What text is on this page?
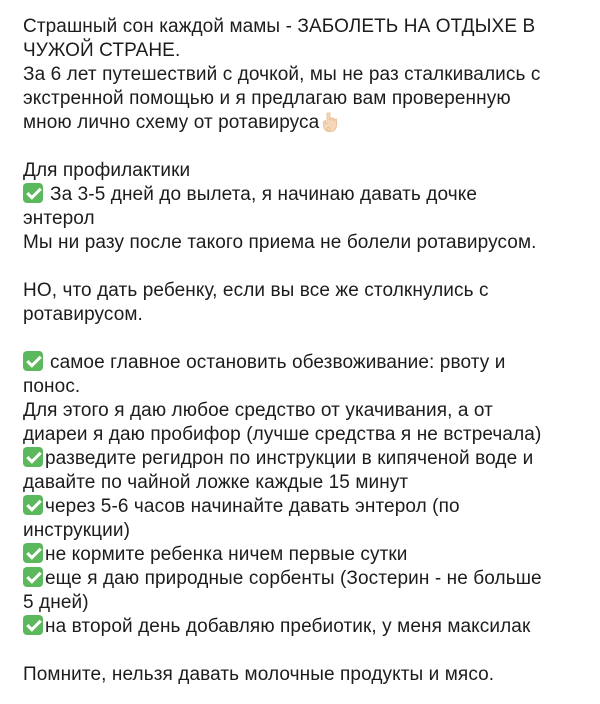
Страшный сон каждой мамы - ЗАБОЛЕТЬ НА ОТДЫХЕ В
ЧУЖОЙ СТРАНЕ.
За 6 лет путешествий с дочкой, мы не раз сталкивались с
экстренной помощью и я предлагаю вам проверенную
мною лично схему от ротавируса
Для профилактики
За 3-5 дней до вылета, я начинаю давать дочке
энтерол
Мы ни разу после такого приема не болели ротавирусом.
НО, что дать ребенку, если вы все же столкнулись с
ротавирусом.
самое главное остановить обезвоживание: рвоту и
понос.
Для этого я даю любое средство от укачивания, а от
диареи я даю пробифор (лучше средства я не встречала)
разведите регидрон по инструкции в кипяченой воде и
давайте по чайной ложке каждые 15 минут
через 5-6 часов начинайте давать энтерол (по
инструкции)
не кормите ребенка ничем первые сутки
еще я даю природные сорбенты (Зостерин - не больше
5 дней)
на второй день добавляю пребиотик, у меня максилак
Помните, нельзя давать молочные продукты и мясо.
